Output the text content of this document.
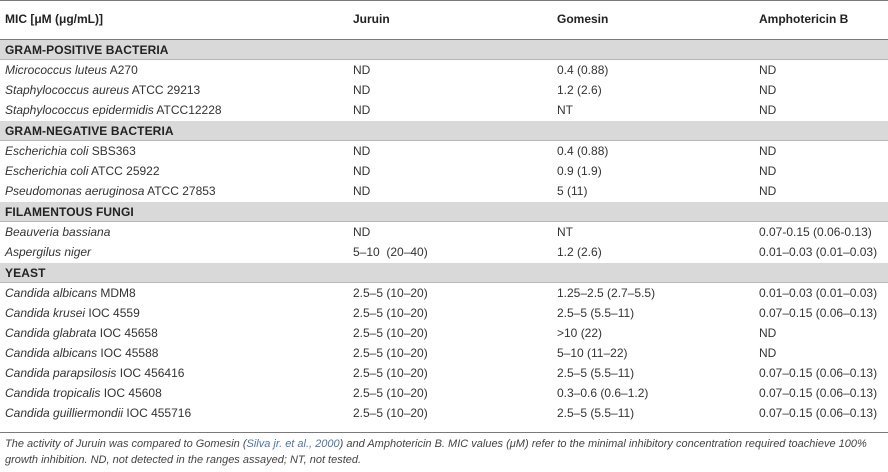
MIC [μM (μg/mL)]	Juruin	Gomesin	Amphotericin B
GRAM-POSITIVE BACTERIA
Micrococcus luteus A270	ND	0.4 (0.88)	ND
Staphylococcus aureus ATCC 29213	ND	1.2 (2.6)	ND
Staphylococcus epidermidis ATCC12228	ND	NT	ND
GRAM-NEGATIVE BACTERIA
Escherichia coli SBS363	ND	0.4 (0.88)	ND
Escherichia coli ATCC 25922	ND	0.9 (1.9)	ND
Pseudomonas aeruginosa ATCC 27853	ND	5 (11)	ND
FILAMENTOUS FUNGI
Beauveria bassiana	ND	NT	0.07-0.15 (0.06-0.13)
Aspergilus niger	5–10  (20–40)	1.2 (2.6)	0.01–0.03 (0.01–0.03)
YEAST
Candida albicans MDM8	2.5–5 (10–20)	1.25–2.5 (2.7–5.5)	0.01–0.03 (0.01–0.03)
Candida krusei IOC 4559	2.5–5 (10–20)	2.5–5 (5.5–11)	0.07–0.15 (0.06–0.13)
Candida glabrata IOC 45658	2.5–5 (10–20)	>10 (22)	ND
Candida albicans IOC 45588	2.5–5 (10–20)	5–10 (11–22)	ND
Candida parapsilosis IOC 456416	2.5–5 (10–20)	2.5–5 (5.5–11)	0.07–0.15 (0.06–0.13)
Candida tropicalis IOC 45608	2.5–5 (10–20)	0.3–0.6 (0.6–1.2)	0.07–0.15 (0.06–0.13)
Candida guilliermondii IOC 455716	2.5–5 (10–20)	2.5–5 (5.5–11)	0.07–0.15 (0.06–0.13)
The activity of Juruin was compared to Gomesin (Silva jr. et al., 2000) and Amphotericin B. MIC values (μM) refer to the minimal inhibitory concentration required toachieve 100% growth inhibition. ND, not detected in the ranges assayed; NT, not tested.
